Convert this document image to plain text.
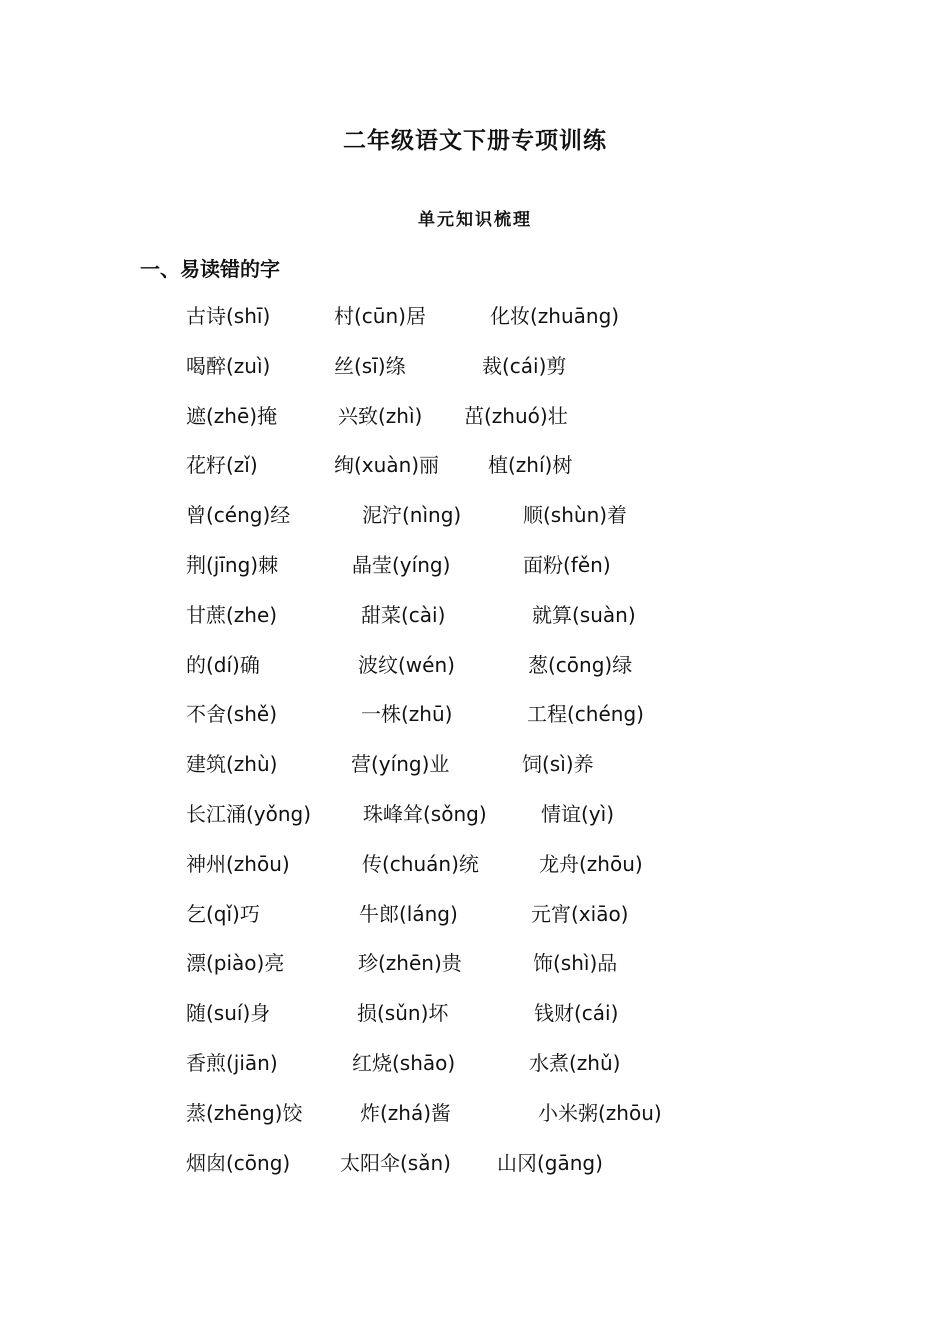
二年级语文下册专项训练
单元知识梳理
一、易读错的字
古诗(shī)	村(cūn)居	化妆(zhuāng)
喝醉(zuì)	丝(sī)绦	裁(cái)剪
遮(zhē)掩	兴致(zhì) 茁(zhuó)壮
花籽(zǐ)	绚(xuàn)丽 植(zhí)树
曾(céng)经	泥泞(nìng)	顺(shùn)着
荆(jīng)棘	晶莹(yíng)	面粉(fěn)
甘蔗(zhe)	甜菜(cài)	就算(suàn)
的(dí)确	波纹(wén)	葱(cōng)绿
不舍(shě)	一株(zhū)	工程(chéng)
建筑(zhù)	营(yíng)业	饲(sì)养
长江涌(yǒng)	珠峰耸(sǒng)	情谊(yì)
神州(zhōu)	传(chuán)统	龙舟(zhōu)
乞(qǐ)巧	牛郎(láng)	元宵(xiāo)
漂(piào)亮	珍(zhēn)贵	饰(shì)品
随(suí)身	损(sǔn)坏	钱财(cái)
香煎(jiān)	红烧(shāo)	水煮(zhǔ)
蒸(zhēng)饺	炸(zhá)酱	小米粥(zhōu)
烟囱(cōng) 太阳伞(sǎn) 山冈(gāng)
